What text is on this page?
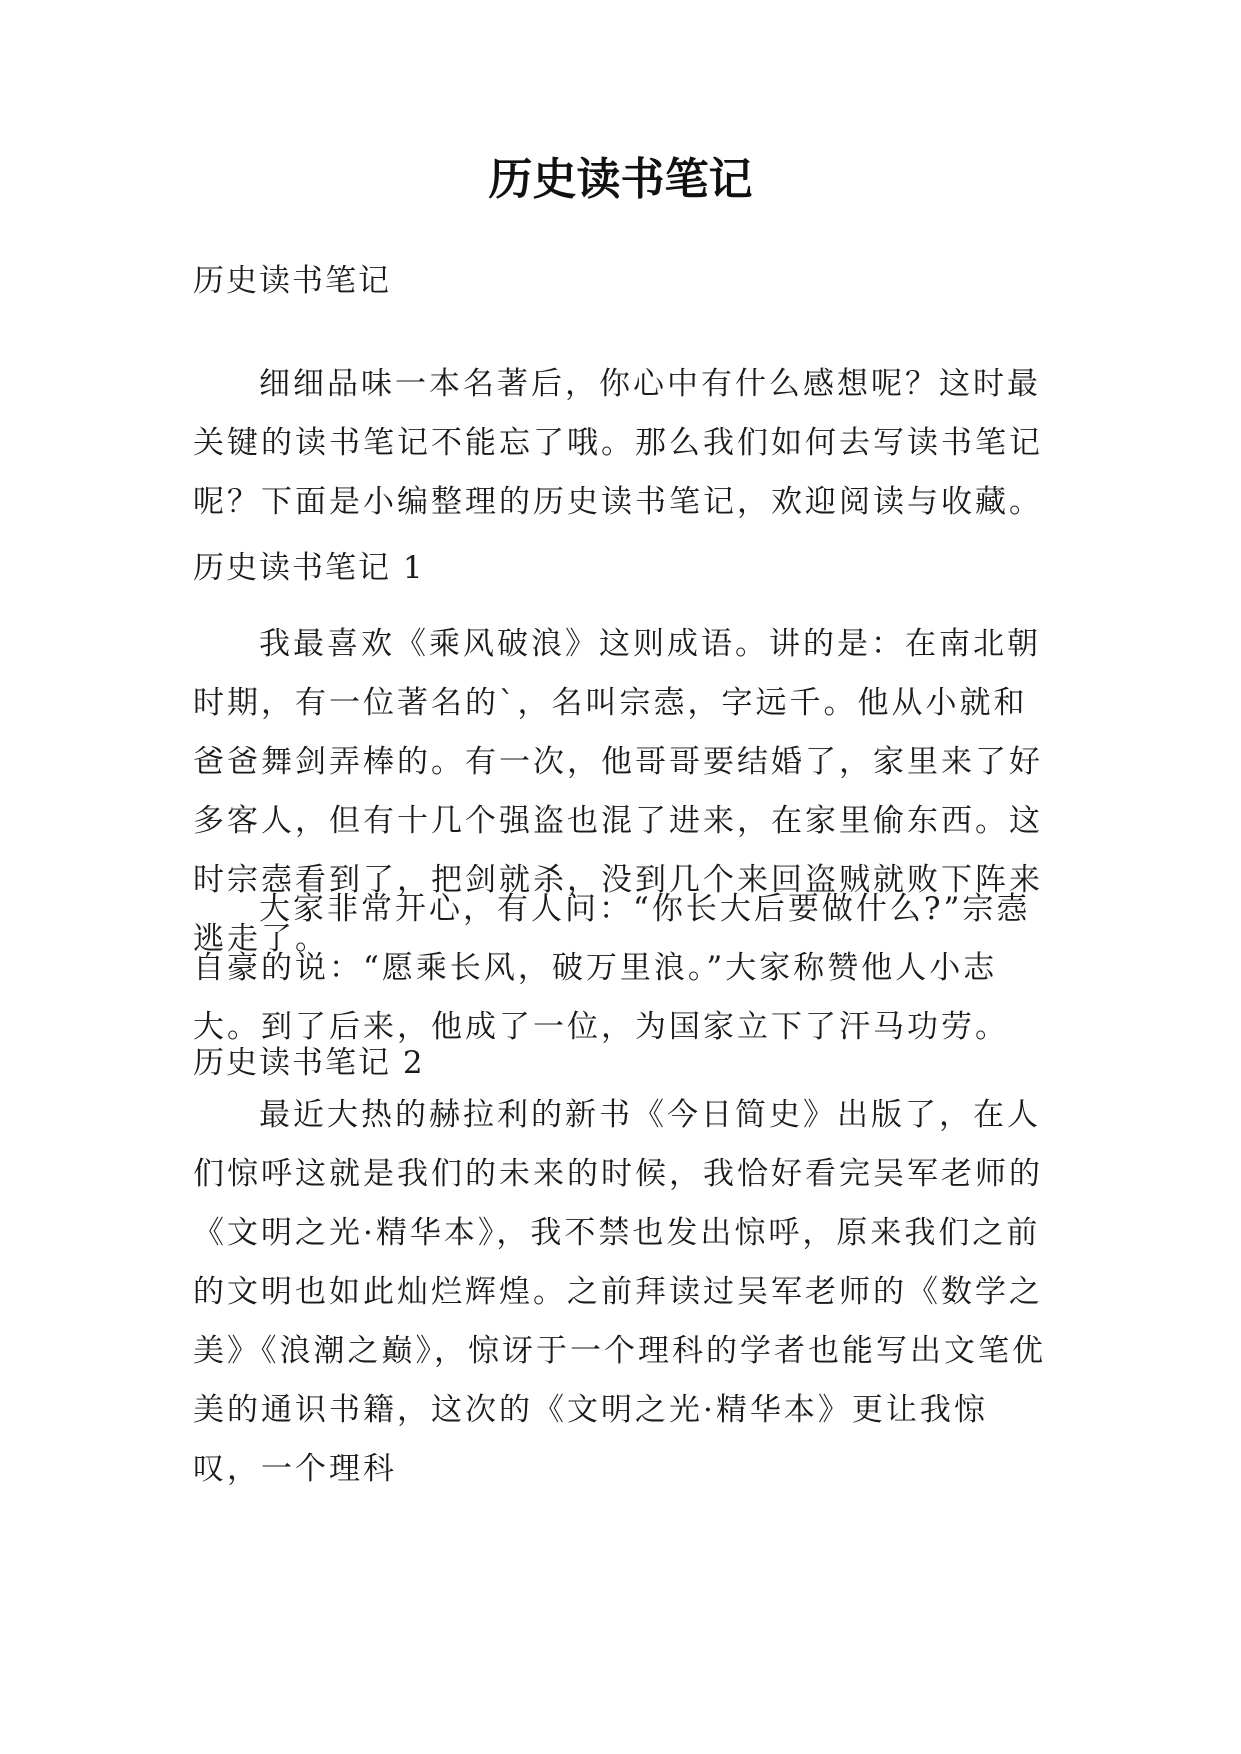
历史读书笔记

历史读书笔记

细细品味一本名著后，你心中有什么感想呢？这时最关键的读书笔记不能忘了哦。那么我们如何去写读书笔记呢？下面是小编整理的历史读书笔记，欢迎阅读与收藏。

历史读书笔记 1

我最喜欢《乘风破浪》这则成语。讲的是：在南北朝时期，有一位著名的`，名叫宗悫，字远千。他从小就和爸爸舞剑弄棒的。有一次，他哥哥要结婚了，家里来了好多客人，但有十几个强盗也混了进来，在家里偷东西。这时宗悫看到了，把剑就杀，没到几个来回盗贼就败下阵来逃走了。

大家非常开心，有人问：“你长大后要做什么?”宗悫自豪的说：“愿乘长风，破万里浪。”大家称赞他人小志大。到了后来，他成了一位，为国家立下了汗马功劳。

历史读书笔记 2

最近大热的赫拉利的新书《今日简史》出版了，在人们惊呼这就是我们的未来的时候，我恰好看完吴军老师的《文明之光·精华本》，我不禁也发出惊呼，原来我们之前的文明也如此灿烂辉煌。之前拜读过吴军老师的《数学之美》《浪潮之巅》，惊讶于一个理科的学者也能写出文笔优美的通识书籍，这次的《文明之光·精华本》更让我惊叹，一个理科
